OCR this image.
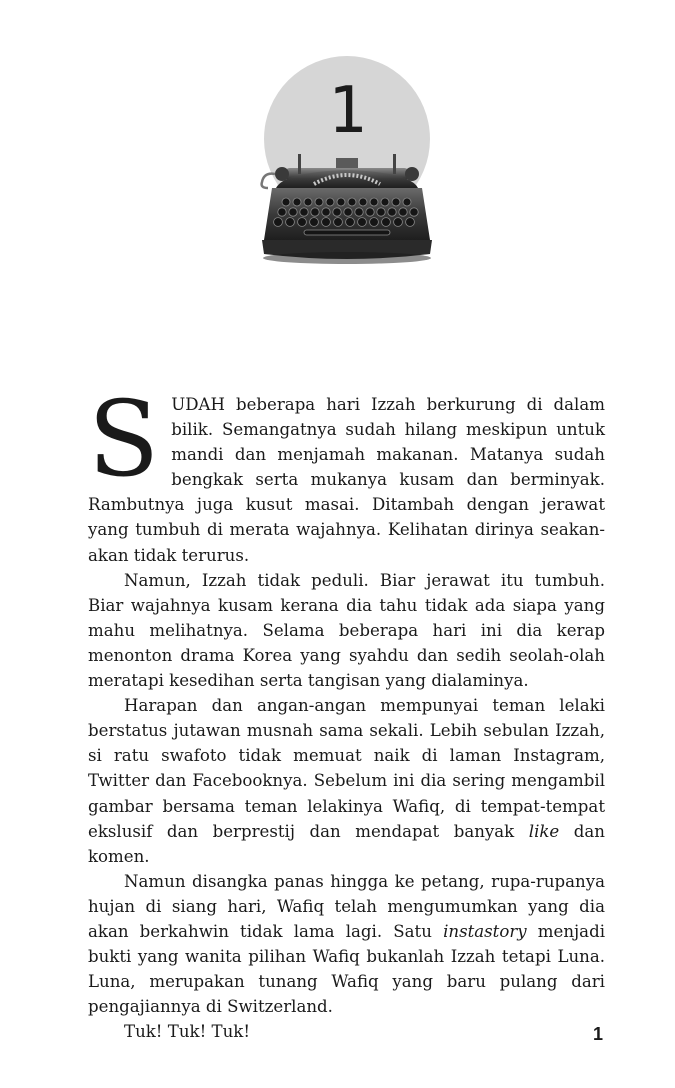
1

SUDAH beberapa hari Izzah berkurung di dalam bilik. Semangatnya sudah hilang meskipun untuk mandi dan menjamah makanan. Matanya sudah bengkak serta mukanya kusam dan berminyak. Rambutnya juga kusut masai. Ditambah dengan jerawat yang tumbuh di merata wajahnya. Kelihatan dirinya seakan-akan tidak terurus.

Namun, Izzah tidak peduli. Biar jerawat itu tumbuh. Biar wajahnya kusam kerana dia tahu tidak ada siapa yang mahu melihatnya. Selama beberapa hari ini dia kerap menonton drama Korea yang syahdu dan sedih seolah-olah meratapi kesedihan serta tangisan yang dialaminya.

Harapan dan angan-angan mempunyai teman lelaki berstatus jutawan musnah sama sekali. Lebih sebulan Izzah, si ratu swafoto tidak memuat naik di laman Instagram, Twitter dan Facebooknya. Sebelum ini dia sering mengambil gambar bersama teman lelakinya Wafiq, di tempat-tempat ekslusif dan berprestij dan mendapat banyak like dan komen.

Namun disangka panas hingga ke petang, rupa-rupanya hujan di siang hari, Wafiq telah mengumumkan yang dia akan berkahwin tidak lama lagi. Satu instastory menjadi bukti yang wanita pilihan Wafiq bukanlah Izzah tetapi Luna. Luna, merupakan tunang Wafiq yang baru pulang dari pengajiannya di Switzerland.

Tuk! Tuk! Tuk!	1
